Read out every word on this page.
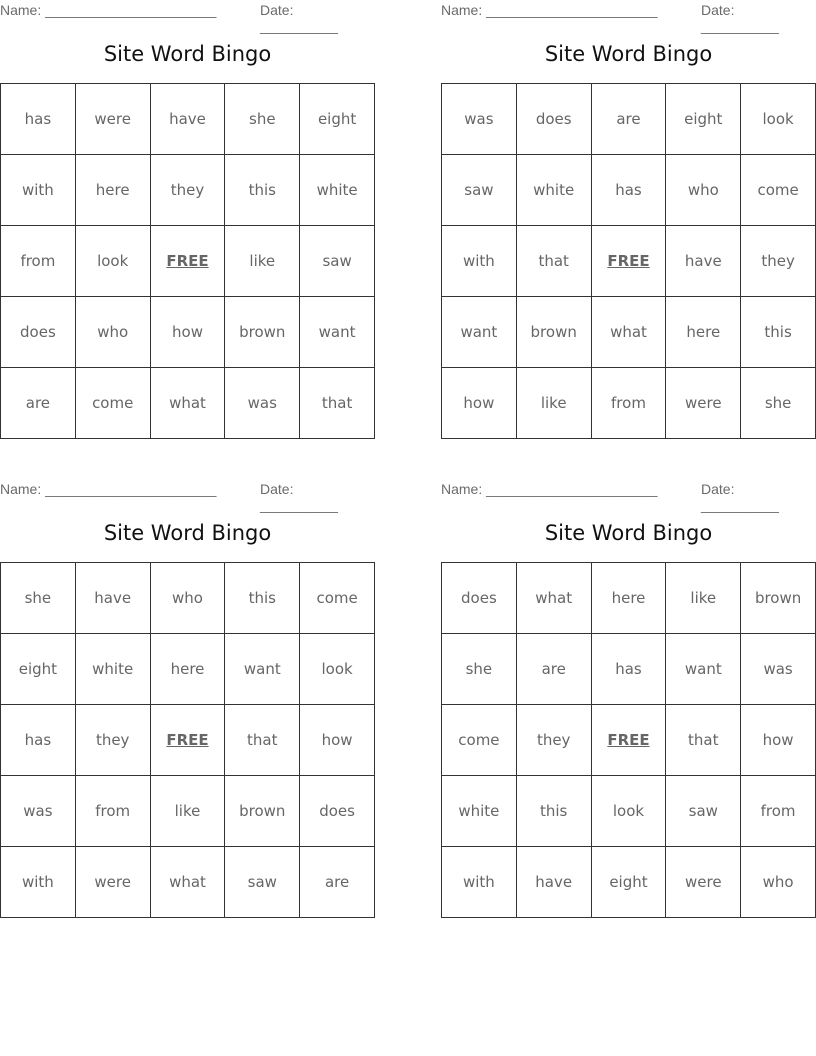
Name: ______________________	Date: __________
Site Word Bingo
has	were	have	she	eight
with	here	they	this	white
from	look	FREE	like	saw
does	who	how	brown	want
are	come	what	was	that
Name: ______________________	Date: __________
Site Word Bingo
was	does	are	eight	look
saw	white	has	who	come
with	that	FREE	have	they
want	brown	what	here	this
how	like	from	were	she
Name: ______________________	Date: __________
Site Word Bingo
she	have	who	this	come
eight	white	here	want	look
has	they	FREE	that	how
was	from	like	brown	does
with	were	what	saw	are
Name: ______________________	Date: __________
Site Word Bingo
does	what	here	like	brown
she	are	has	want	was
come	they	FREE	that	how
white	this	look	saw	from
with	have	eight	were	who
